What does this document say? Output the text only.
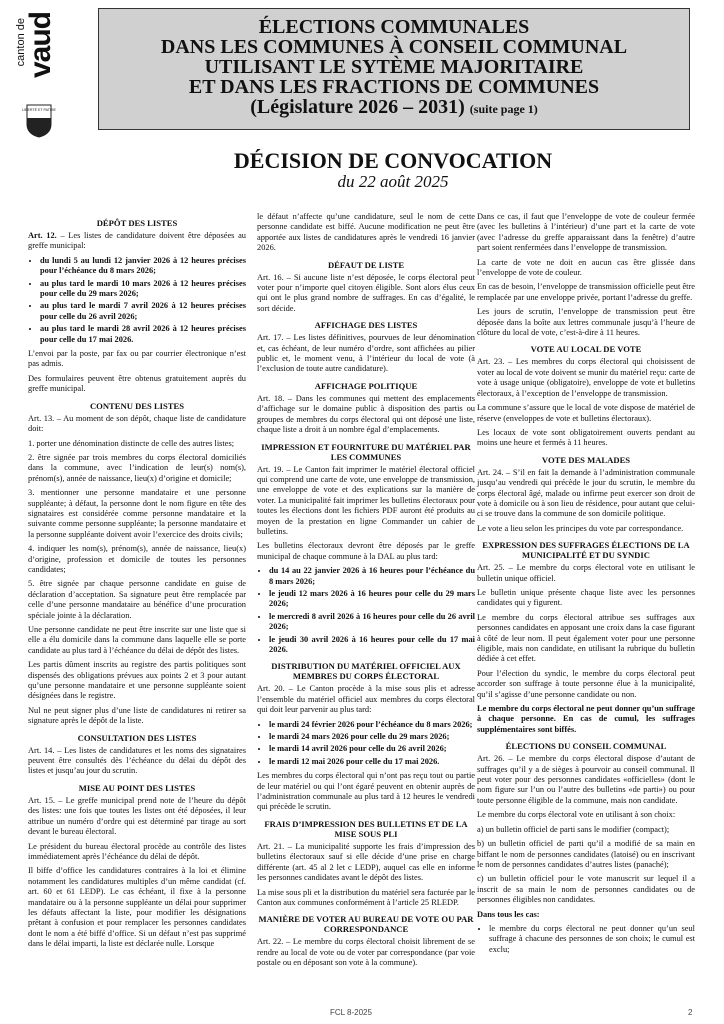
canton de
vaud
LIBERTÉ ET PATRIE
ÉLECTIONS COMMUNALES
DANS LES COMMUNES À CONSEIL COMMUNAL
UTILISANT LE SYTÈME MAJORITAIRE
ET DANS LES FRACTIONS DE COMMUNES
(Législature 2026 – 2031) (suite page 1)
DÉCISION DE CONVOCATION
du 22 août 2025
DÉPÔT DES LISTES

Art. 12. – Les listes de candidature doivent être déposées au greffe municipal:

• du lundi 5 au lundi 12 janvier 2026 à 12 heures précises pour l’échéance du 8 mars 2026;
• au plus tard le mardi 10 mars 2026 à 12 heures précises pour celle du 29 mars 2026;
• au plus tard le mardi 7 avril 2026 à 12 heures précises pour celle du 26 avril 2026;
• au plus tard le mardi 28 avril 2026 à 12 heures précises pour celle du 17 mai 2026.

L’envoi par la poste, par fax ou par courrier électronique n’est pas admis.

Des formulaires peuvent être obtenus gratuitement auprès du greffe municipal.

CONTENU DES LISTES

Art. 13. – Au moment de son dépôt, chaque liste de candidature doit:

1. porter une dénomination distincte de celle des autres listes;

2. être signée par trois membres du corps électoral domiciliés dans la commune, avec l’indication de leur(s) nom(s), prénom(s), année de naissance, lieu(x) d’origine et domicile;

3. mentionner une personne mandataire et une personne suppléante; à défaut, la personne dont le nom figure en tête des signataires est considérée comme personne mandataire et la suivante comme personne suppléante; la personne mandataire et la personne suppléante doivent avoir l’exercice des droits civils;

4. indiquer les nom(s), prénom(s), année de naissance, lieu(x) d’origine, profession et domicile de toutes les personnes candidates;

5. être signée par chaque personne candidate en guise de déclaration d’acceptation. Sa signature peut être remplacée par celle d’une personne mandataire au bénéfice d’une procuration spéciale jointe à la déclaration.

Une personne candidate ne peut être inscrite sur une liste que si elle a élu domicile dans la commune dans laquelle elle se porte candidate au plus tard à l’échéance du délai de dépôt des listes.

Les partis dûment inscrits au registre des partis politiques sont dispensés des obligations prévues aux points 2 et 3 pour autant qu’une personne mandataire et une personne suppléante soient désignées dans le registre.

Nul ne peut signer plus d’une liste de candidatures ni retirer sa signature après le dépôt de la liste.

CONSULTATION DES LISTES

Art. 14. – Les listes de candidatures et les noms des signataires peuvent être consultés dès l’échéance du délai du dépôt des listes et jusqu’au jour du scrutin.

MISE AU POINT DES LISTES

Art. 15. – Le greffe municipal prend note de l’heure du dépôt des listes: une fois que toutes les listes ont été déposées, il leur attribue un numéro d’ordre qui est déterminé par tirage au sort devant le bureau électoral.

Le président du bureau électoral procède au contrôle des listes immédiatement après l’échéance du délai de dépôt.

Il biffe d’office les candidatures contraires à la loi et élimine notamment les candidatures multiples d’un même candidat (cf. art. 60 et 61 LEDP). Le cas échéant, il fixe à la personne mandataire ou à la personne suppléante un délai pour supprimer les défauts affectant la liste, pour modifier les désignations prêtant à confusion et pour remplacer les personnes candidates dont le nom a été biffé d’office. Si un défaut n’est pas supprimé dans le délai imparti, la liste est déclarée nulle. Lorsque

le défaut n’affecte qu’une candidature, seul le nom de cette personne candidate est biffé. Aucune modification ne peut être apportée aux listes de candidatures après le vendredi 16 janvier 2026.

DÉFAUT DE LISTE

Art. 16. – Si aucune liste n’est déposée, le corps électoral peut voter pour n’importe quel citoyen éligible. Sont alors élus ceux qui ont le plus grand nombre de suffrages. En cas d’égalité, le sort décide.

AFFICHAGE DES LISTES

Art. 17. – Les listes définitives, pourvues de leur dénomination et, cas échéant, de leur numéro d’ordre, sont affichées au pilier public et, le moment venu, à l’intérieur du local de vote (à l’exclusion de toute autre candidature).

AFFICHAGE POLITIQUE

Art. 18. – Dans les communes qui mettent des emplacements d’affichage sur le domaine public à disposition des partis ou groupes de membres du corps électoral qui ont déposé une liste, chaque liste a droit à un nombre égal d’emplacements.

IMPRESSION ET FOURNITURE DU MATÉRIEL PAR LES COMMUNES

Art. 19. – Le Canton fait imprimer le matériel électoral officiel qui comprend une carte de vote, une enveloppe de transmission, une enveloppe de vote et des explications sur la manière de voter. La municipalité fait imprimer les bulletins électoraux pour toutes les élections dont les fichiers PDF auront été produits au moyen de la prestation en ligne Commander un cahier de bulletins.

Les bulletins électoraux devront être déposés par le greffe municipal de chaque commune à la DAL au plus tard:

• du 14 au 22 janvier 2026 à 16 heures pour l’échéance du 8 mars 2026;
• le jeudi 12 mars 2026 à 16 heures pour celle du 29 mars 2026;
• le mercredi 8 avril 2026 à 16 heures pour celle du 26 avril 2026;
• le jeudi 30 avril 2026 à 16 heures pour celle du 17 mai 2026.
DISTRIBUTION DU MATÉRIEL OFFICIEL AUX MEMBRES DU CORPS ÉLECTORAL

Art. 20. – Le Canton procède à la mise sous plis et adresse l’ensemble du matériel officiel aux membres du corps électoral qui doit leur parvenir au plus tard:

• le mardi 24 février 2026 pour l’échéance du 8 mars 2026;
• le mardi 24 mars 2026 pour celle du 29 mars 2026;
• le mardi 14 avril 2026 pour celle du 26 avril 2026;
• le mardi 12 mai 2026 pour celle du 17 mai 2026.

Les membres du corps électoral qui n’ont pas reçu tout ou partie de leur matériel ou qui l’ont égaré peuvent en obtenir auprès de l’administration communale au plus tard à 12 heures le vendredi qui précède le scrutin.

FRAIS D’IMPRESSION DES BULLETINS ET DE LA MISE SOUS PLI

Art. 21. – La municipalité supporte les frais d’impression des bulletins électoraux sauf si elle décide d’une prise en charge différente (art. 45 al 2 let c LEDP), auquel cas elle en informe les personnes candidates avant le dépôt des listes.

La mise sous pli et la distribution du matériel sera facturée par le Canton aux communes conformément à l’article 25 RLEDP.

MANIÈRE DE VOTER AU BUREAU DE VOTE OU PAR CORRESPONDANCE

Art. 22. – Le membre du corps électoral choisit librement de se rendre au local de vote ou de voter par correspondance (par voie postale ou en déposant son vote à la commune).

Dans ce cas, il faut que l’enveloppe de vote de couleur fermée (avec les bulletins à l’intérieur) d’une part et la carte de vote (avec l’adresse du greffe apparaissant dans la fenêtre) d’autre part soient renfermées dans l’enveloppe de transmission.

La carte de vote ne doit en aucun cas être glissée dans l’enveloppe de vote de couleur.

En cas de besoin, l’enveloppe de transmission officielle peut être remplacée par une enveloppe privée, portant l’adresse du greffe.

Les jours de scrutin, l’enveloppe de transmission peut être déposée dans la boîte aux lettres communale jusqu’à l’heure de clôture du local de vote, c’est-à-dire à 11 heures.

VOTE AU LOCAL DE VOTE

Art. 23. – Les membres du corps électoral qui choisissent de voter au local de vote doivent se munir du matériel reçu: carte de vote à usage unique (obligatoire), enveloppe de vote et bulletins électoraux, à l’exception de l’enveloppe de transmission.

La commune s’assure que le local de vote dispose de matériel de réserve (enveloppes de vote et bulletins électoraux).

Les locaux de vote sont obligatoirement ouverts pendant au moins une heure et fermés à 11 heures.

VOTE DES MALADES

Art. 24. – S’il en fait la demande à l’administration communale jusqu’au vendredi qui précède le jour du scrutin, le membre du corps électoral âgé, malade ou infirme peut exercer son droit de vote à domicile ou à son lieu de résidence, pour autant que celui-ci se trouve dans la commune de son domicile politique.

Le vote a lieu selon les principes du vote par correspondance.

EXPRESSION DES SUFFRAGES ÉLECTIONS DE LA MUNICIPALITÉ ET DU SYNDIC

Art. 25. – Le membre du corps électoral vote en utilisant le bulletin unique officiel.

Le bulletin unique présente chaque liste avec les personnes candidates qui y figurent.

Le membre du corps électoral attribue ses suffrages aux personnes candidates en apposant une croix dans la case figurant à côté de leur nom. Il peut également voter pour une personne éligible, mais non candidate, en utilisant la rubrique du bulletin dédiée à cet effet.

Pour l’élection du syndic, le membre du corps électoral peut accorder son suffrage à toute personne élue à la municipalité, qu’il s’agisse d’une personne candidate ou non.

Le membre du corps électoral ne peut donner qu’un suffrage à chaque personne. En cas de cumul, les suffrages supplémentaires sont biffés.

ÉLECTIONS DU CONSEIL COMMUNAL

Art. 26. – Le membre du corps électoral dispose d’autant de suffrages qu’il y a de sièges à pourvoir au conseil communal. Il peut voter pour des personnes candidates «officielles» (dont le nom figure sur l’un ou l’autre des bulletins «de parti») ou pour toute personne éligible de la commune, mais non candidate.

Le membre du corps électoral vote en utilisant à son choix:

a) un bulletin officiel de parti sans le modifier (compact);

b) un bulletin officiel de parti qu’il a modifié de sa main en biffant le nom de personnes candidates (latoisé) ou en inscrivant le nom de personnes candidates d’autres listes (panaché);

c) un bulletin officiel pour le vote manuscrit sur lequel il a inscrit de sa main le nom de personnes candidates ou de personnes éligibles non candidates.

Dans tous les cas:

• le membre du corps électoral ne peut donner qu’un seul suffrage à chacune des personnes de son choix; le cumul est exclu;
FCL 8-2025	2
